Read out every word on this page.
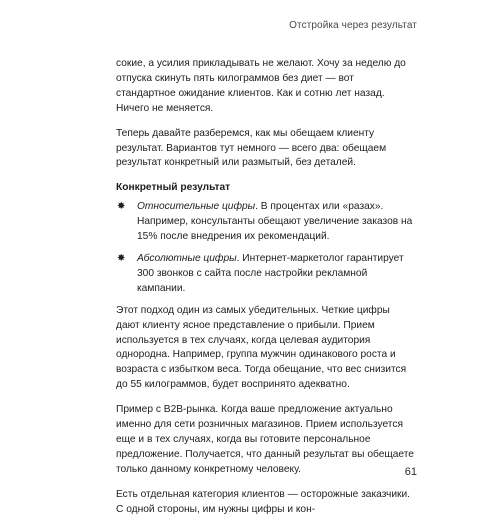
Отстройка через результат

сокие, а усилия прикладывать не желают. Хочу за неделю до отпуска скинуть пять килограммов без диет — вот стандартное ожидание клиентов. Как и сотню лет назад. Ничего не меняется.

Теперь давайте разберемся, как мы обещаем клиенту результат. Вариантов тут немного — всего два: обещаем результат конкретный или размытый, без деталей.

Конкретный результат
✸ Относительные цифры. В процентах или «разах». Например, консультанты обещают увеличение заказов на 15% после внедрения их рекомендаций.
✸ Абсолютные цифры. Интернет-маркетолог гарантирует 300 звонков с сайта после настройки рекламной кампании.

Этот подход один из самых убедительных. Четкие цифры дают клиенту ясное представление о прибыли. Прием используется в тех случаях, когда целевая аудитория однородна. Например, группа мужчин одинакового роста и возраста с избытком веса. Тогда обещание, что вес снизится до 55 килограммов, будет воспринято адекватно.

Пример с B2B-рынка. Когда ваше предложение актуально именно для сети розничных магазинов. Прием используется еще и в тех случаях, когда вы готовите персональное предложение. Получается, что данный результат вы обещаете только данному конкретному человеку.

Есть отдельная категория клиентов — осторожные заказчики. С одной стороны, им нужны цифры и кон-

61
